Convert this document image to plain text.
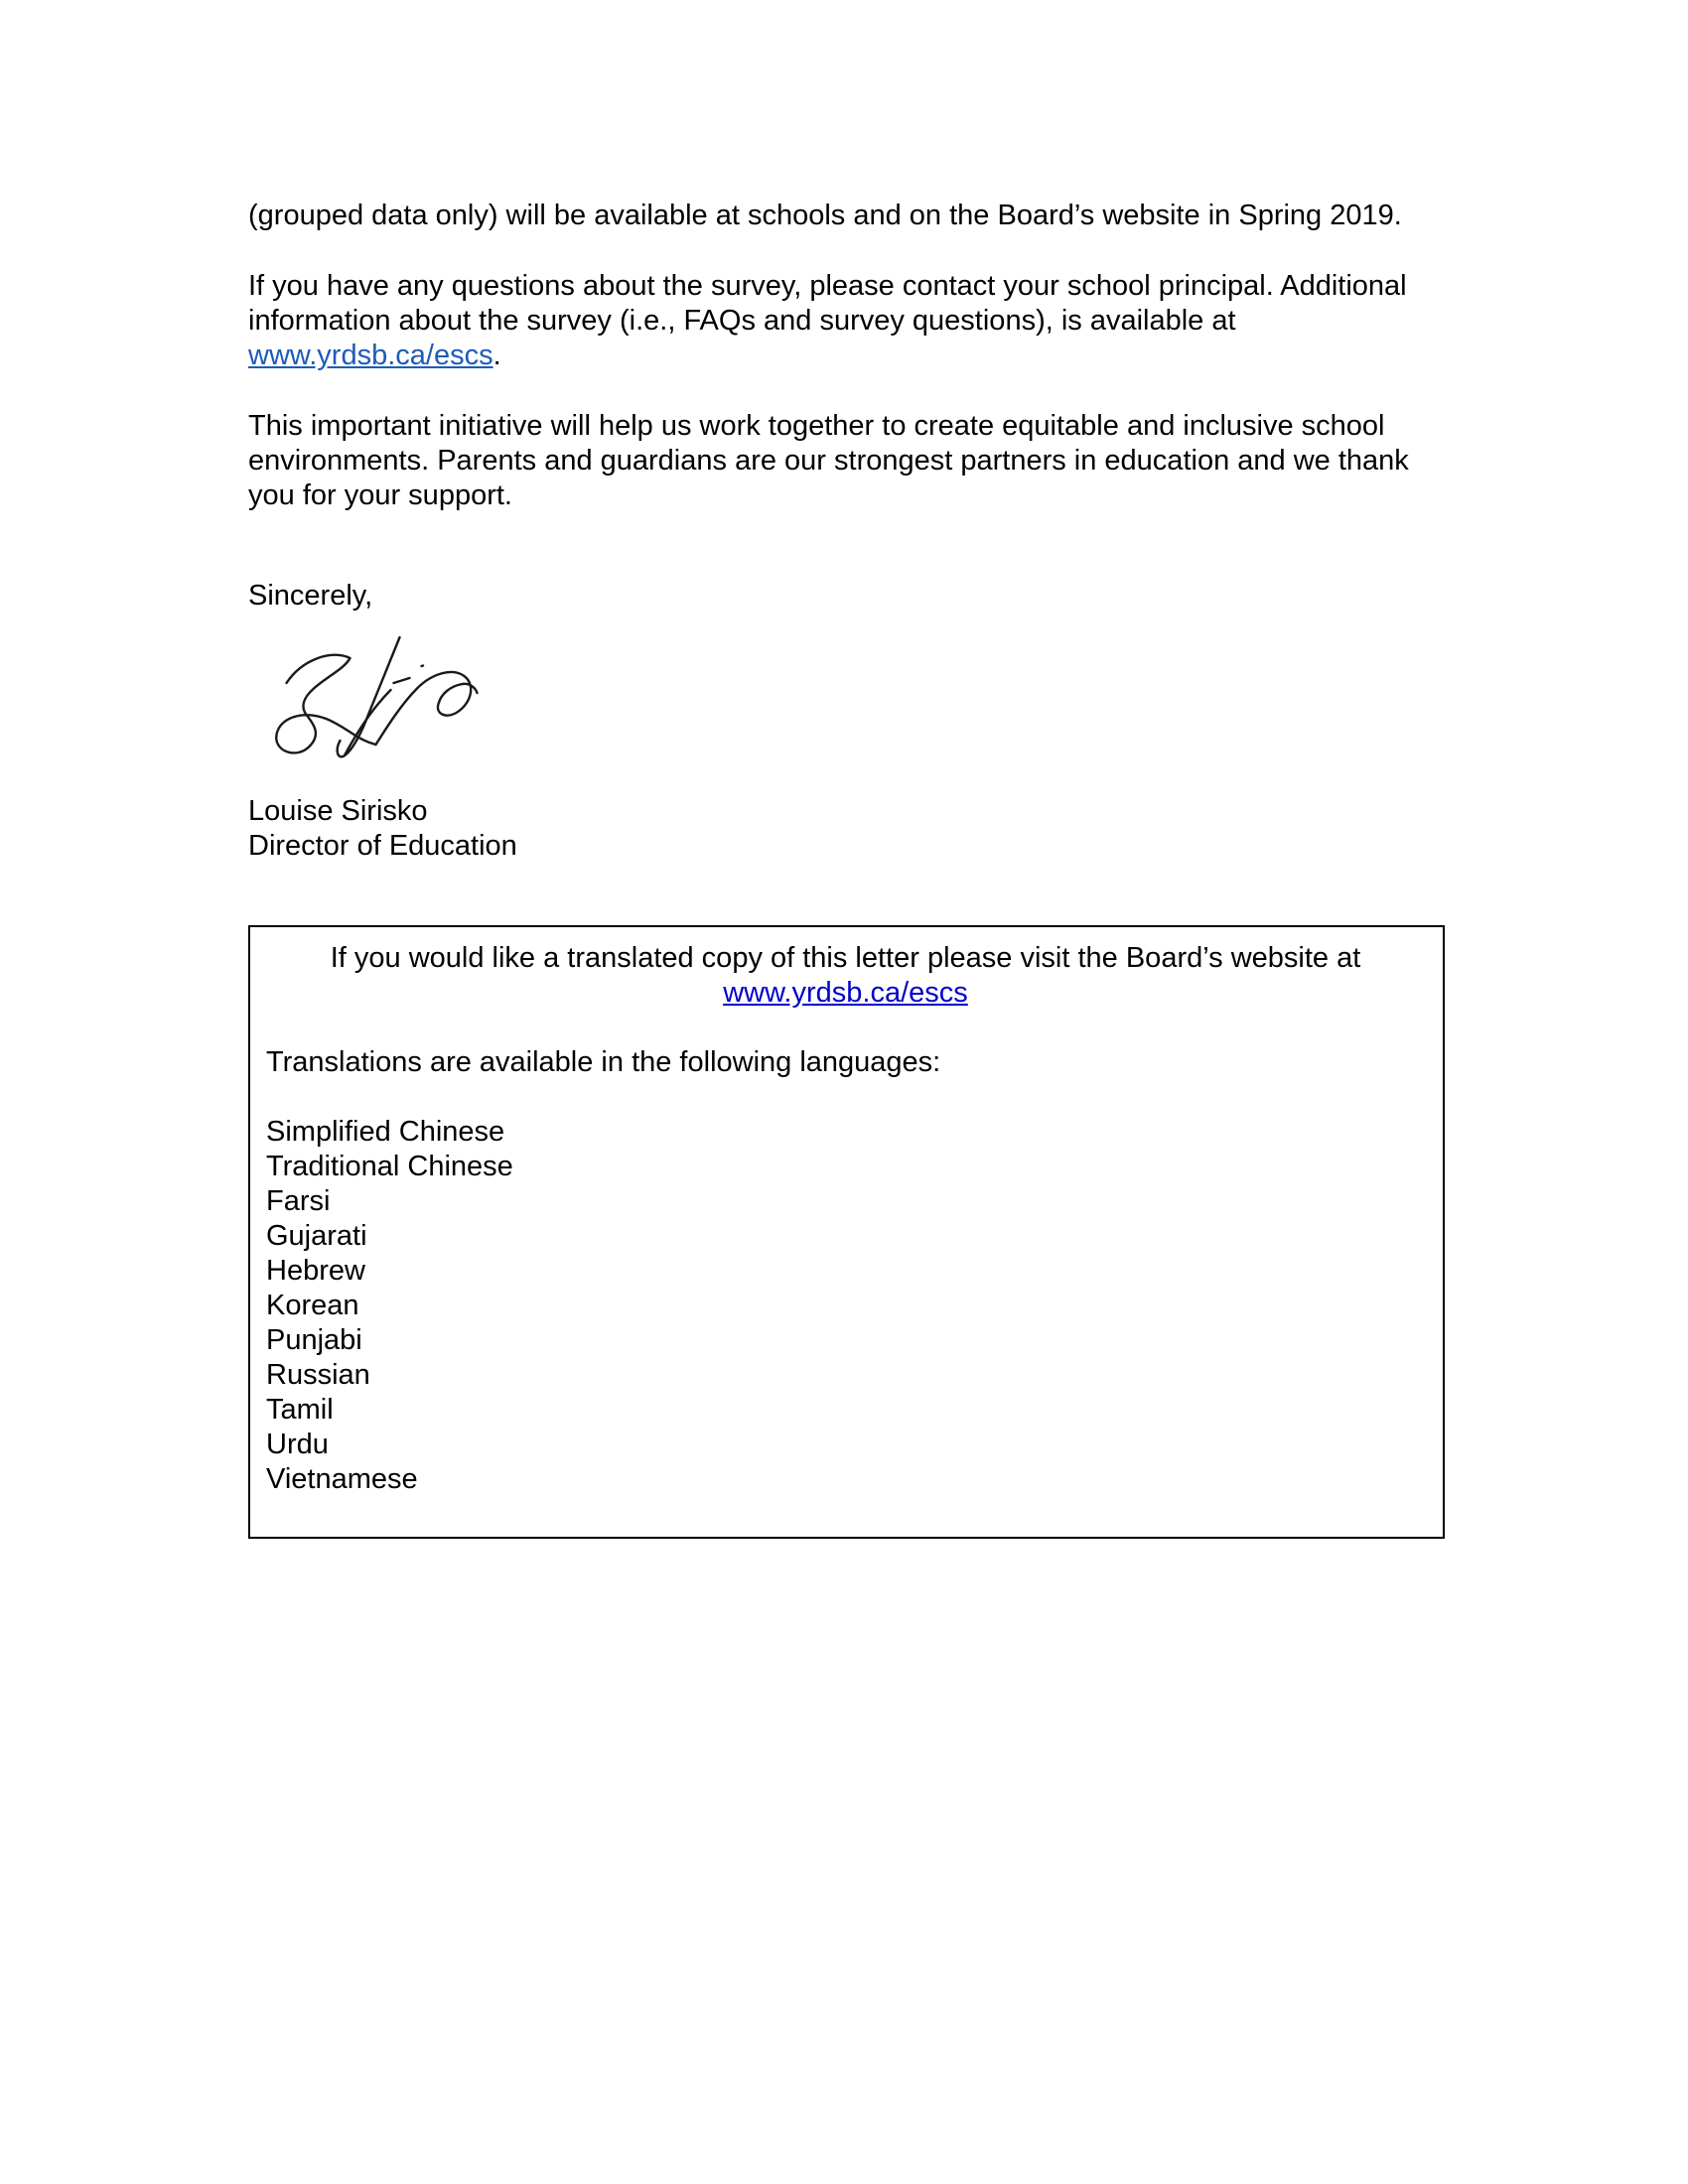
(grouped data only) will be available at schools and on the Board’s website in Spring 2019.

If you have any questions about the survey, please contact your school principal. Additional information about the survey (i.e., FAQs and survey questions), is available at www.yrdsb.ca/escs.

This important initiative will help us work together to create equitable and inclusive school environments. Parents and guardians are our strongest partners in education and we thank you for your support.

Sincerely,

Louise Sirisko
Director of Education

If you would like a translated copy of this letter please visit the Board’s website at
www.yrdsb.ca/escs

Translations are available in the following languages:

Simplified Chinese
Traditional Chinese
Farsi
Gujarati
Hebrew
Korean
Punjabi
Russian
Tamil
Urdu
Vietnamese
